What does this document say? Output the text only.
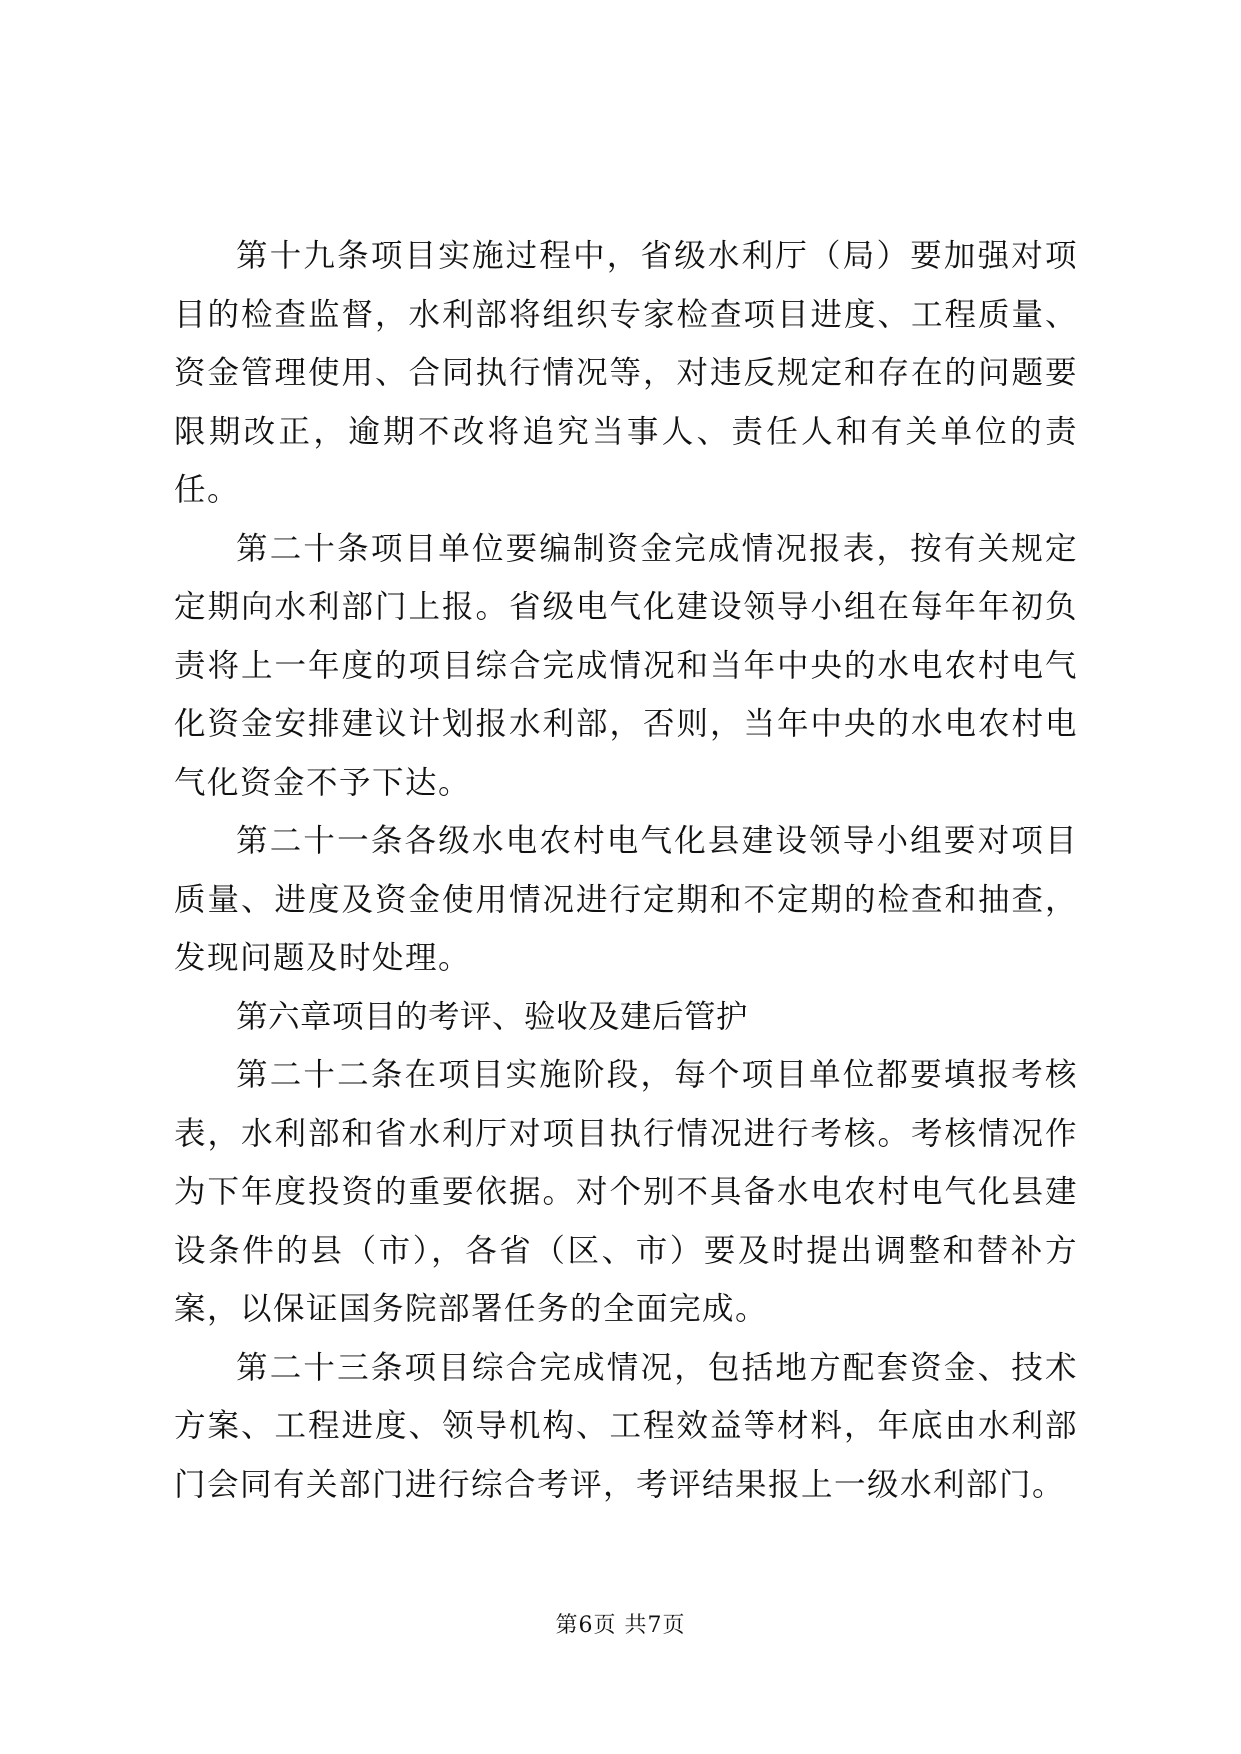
第十九条项目实施过程中，省级水利厅（局）要加强对项目的检查监督，水利部将组织专家检查项目进度、工程质量、资金管理使用、合同执行情况等，对违反规定和存在的问题要限期改正，逾期不改将追究当事人、责任人和有关单位的责任。

第二十条项目单位要编制资金完成情况报表，按有关规定定期向水利部门上报。省级电气化建设领导小组在每年年初负责将上一年度的项目综合完成情况和当年中央的水电农村电气化资金安排建议计划报水利部，否则，当年中央的水电农村电气化资金不予下达。

第二十一条各级水电农村电气化县建设领导小组要对项目质量、进度及资金使用情况进行定期和不定期的检查和抽查，发现问题及时处理。

第六章项目的考评、验收及建后管护

第二十二条在项目实施阶段，每个项目单位都要填报考核表，水利部和省水利厅对项目执行情况进行考核。考核情况作为下年度投资的重要依据。对个别不具备水电农村电气化县建设条件的县（市），各省（区、市）要及时提出调整和替补方案，以保证国务院部署任务的全面完成。

第二十三条项目综合完成情况，包括地方配套资金、技术方案、工程进度、领导机构、工程效益等材料，年底由水利部门会同有关部门进行综合考评，考评结果报上一级水利部门。

第6页 共7页
